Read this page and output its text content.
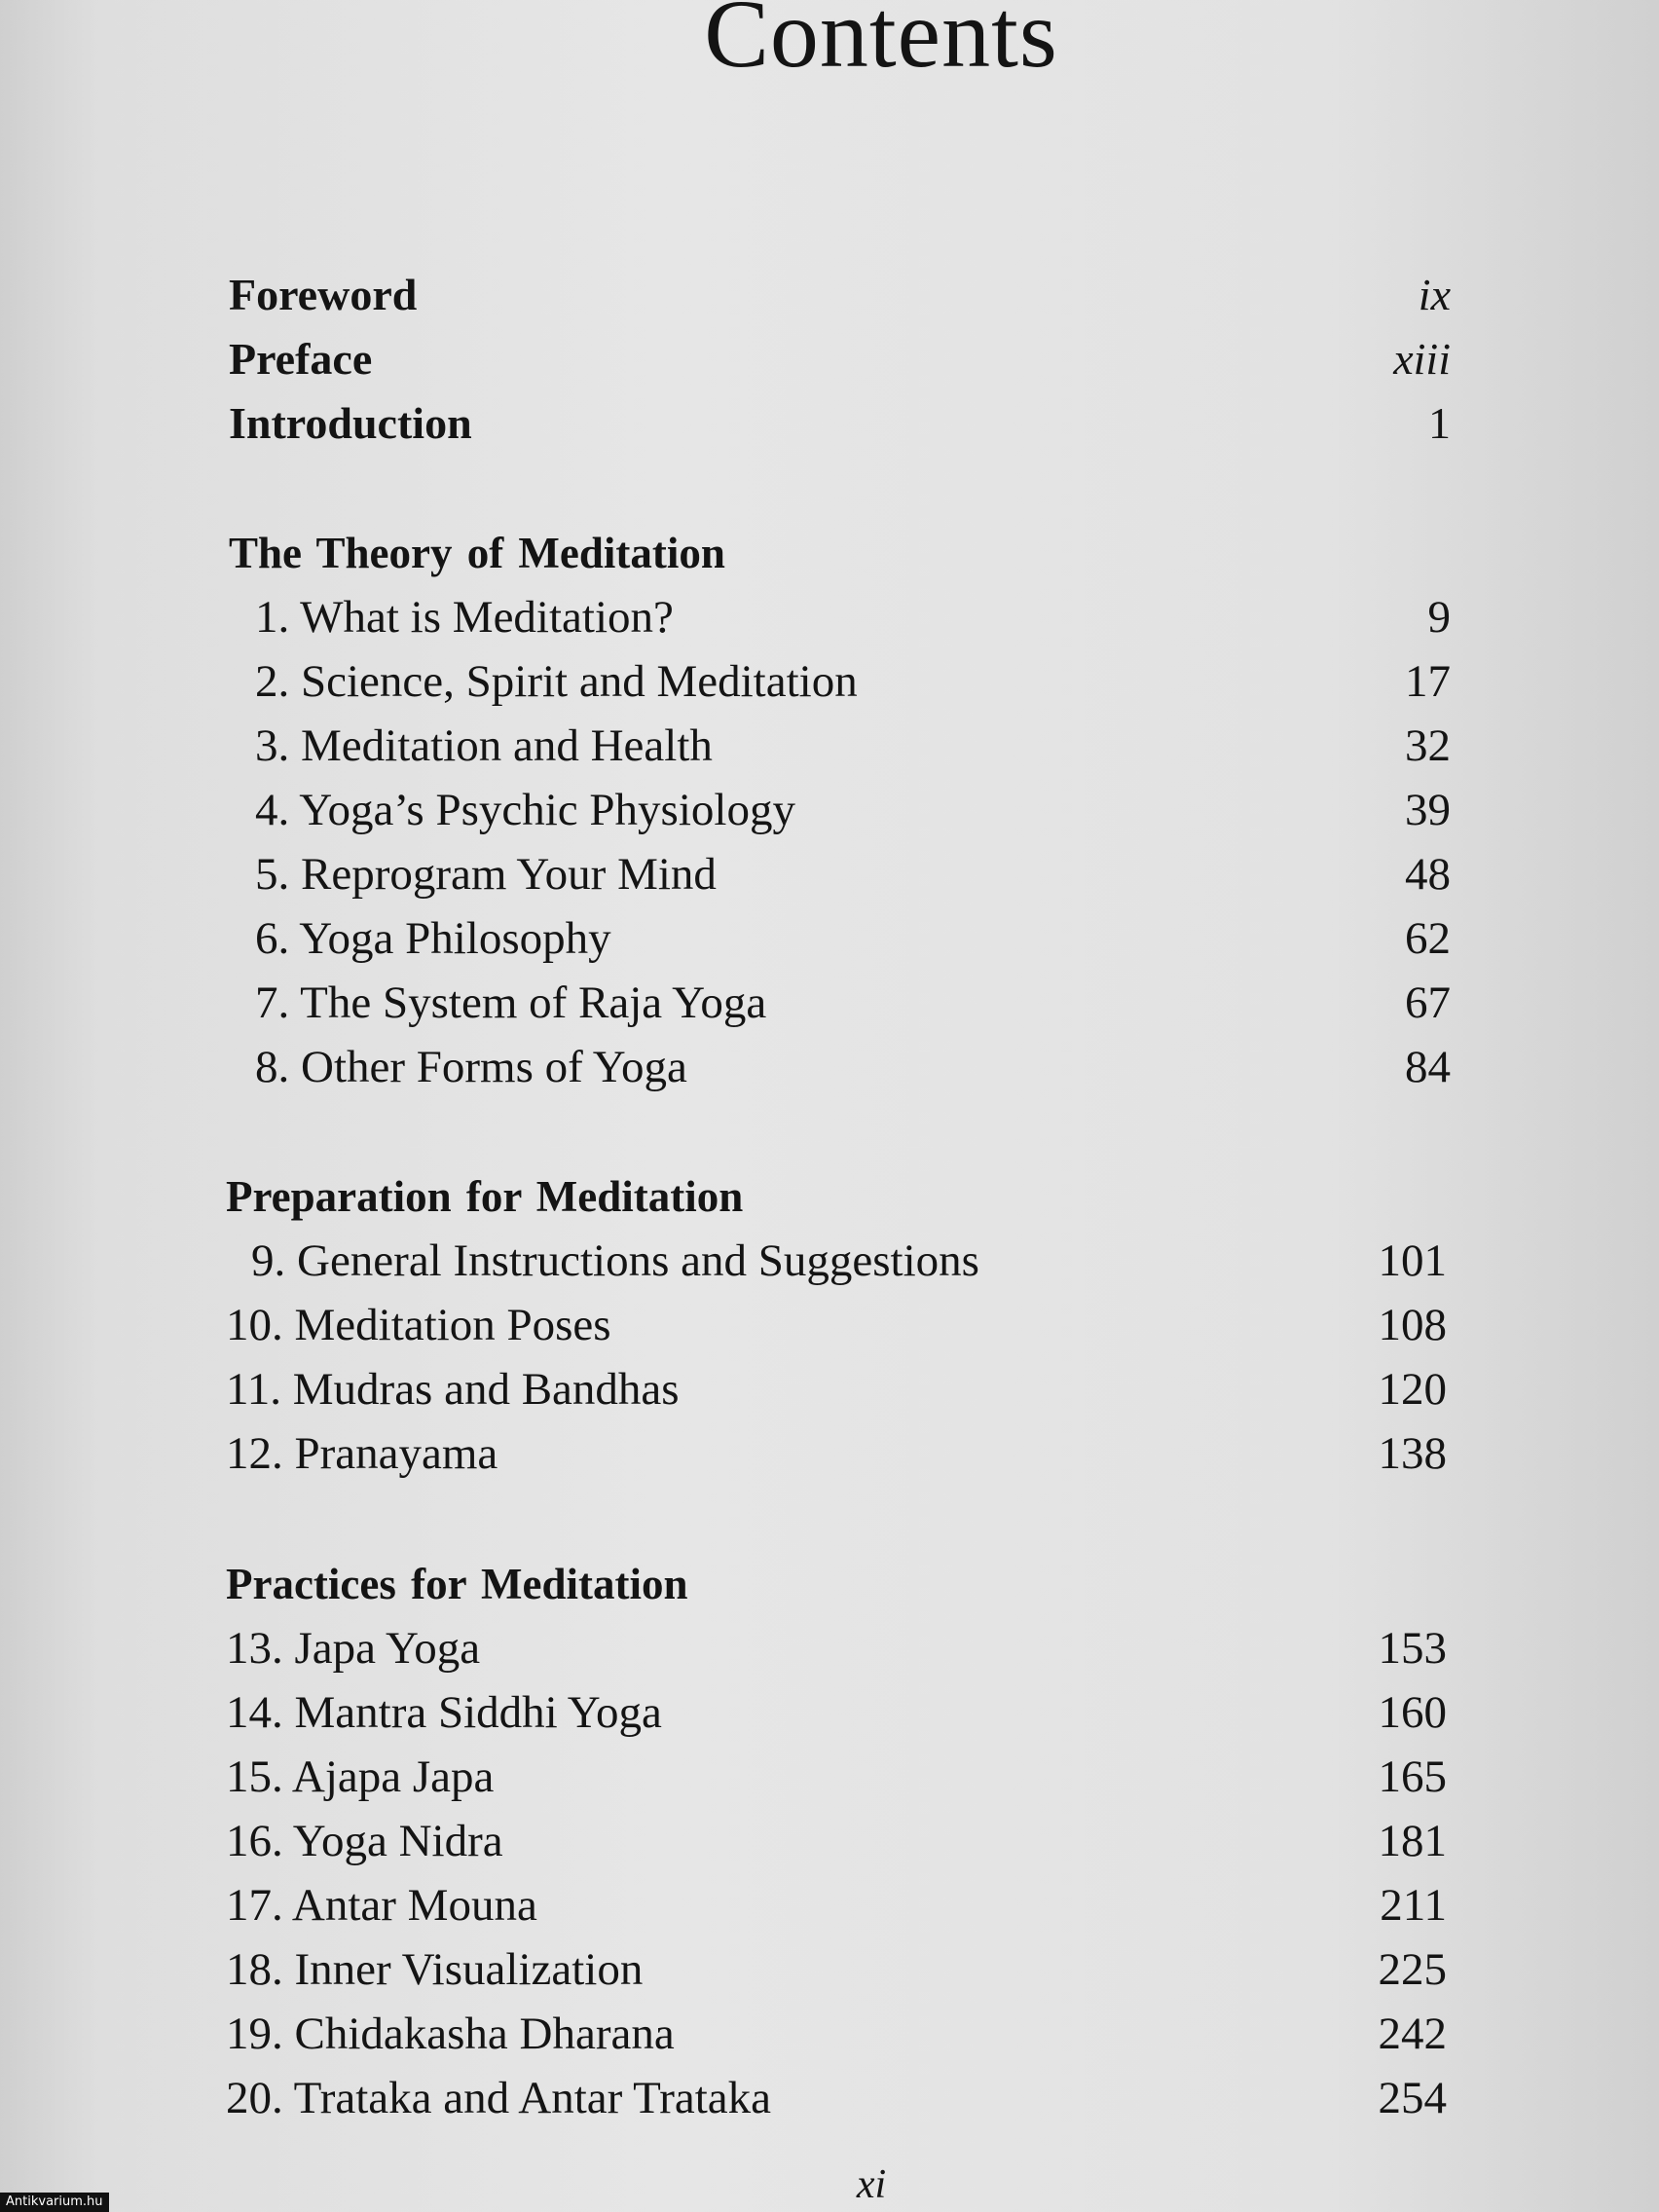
Contents
Foreword	ix
Preface	xiii
Introduction	1
The Theory of Meditation
1. What is Meditation?	9
2. Science, Spirit and Meditation	17
3. Meditation and Health	32
4. Yoga’s Psychic Physiology	39
5. Reprogram Your Mind	48
6. Yoga Philosophy	62
7. The System of Raja Yoga	67
8. Other Forms of Yoga	84
Preparation for Meditation
9. General Instructions and Suggestions	101
10. Meditation Poses	108
11. Mudras and Bandhas	120
12. Pranayama	138
Practices for Meditation
13. Japa Yoga	153
14. Mantra Siddhi Yoga	160
15. Ajapa Japa	165
16. Yoga Nidra	181
17. Antar Mouna	211
18. Inner Visualization	225
19. Chidakasha Dharana	242
20. Trataka and Antar Trataka	254
xi
Antikvarium.hu
